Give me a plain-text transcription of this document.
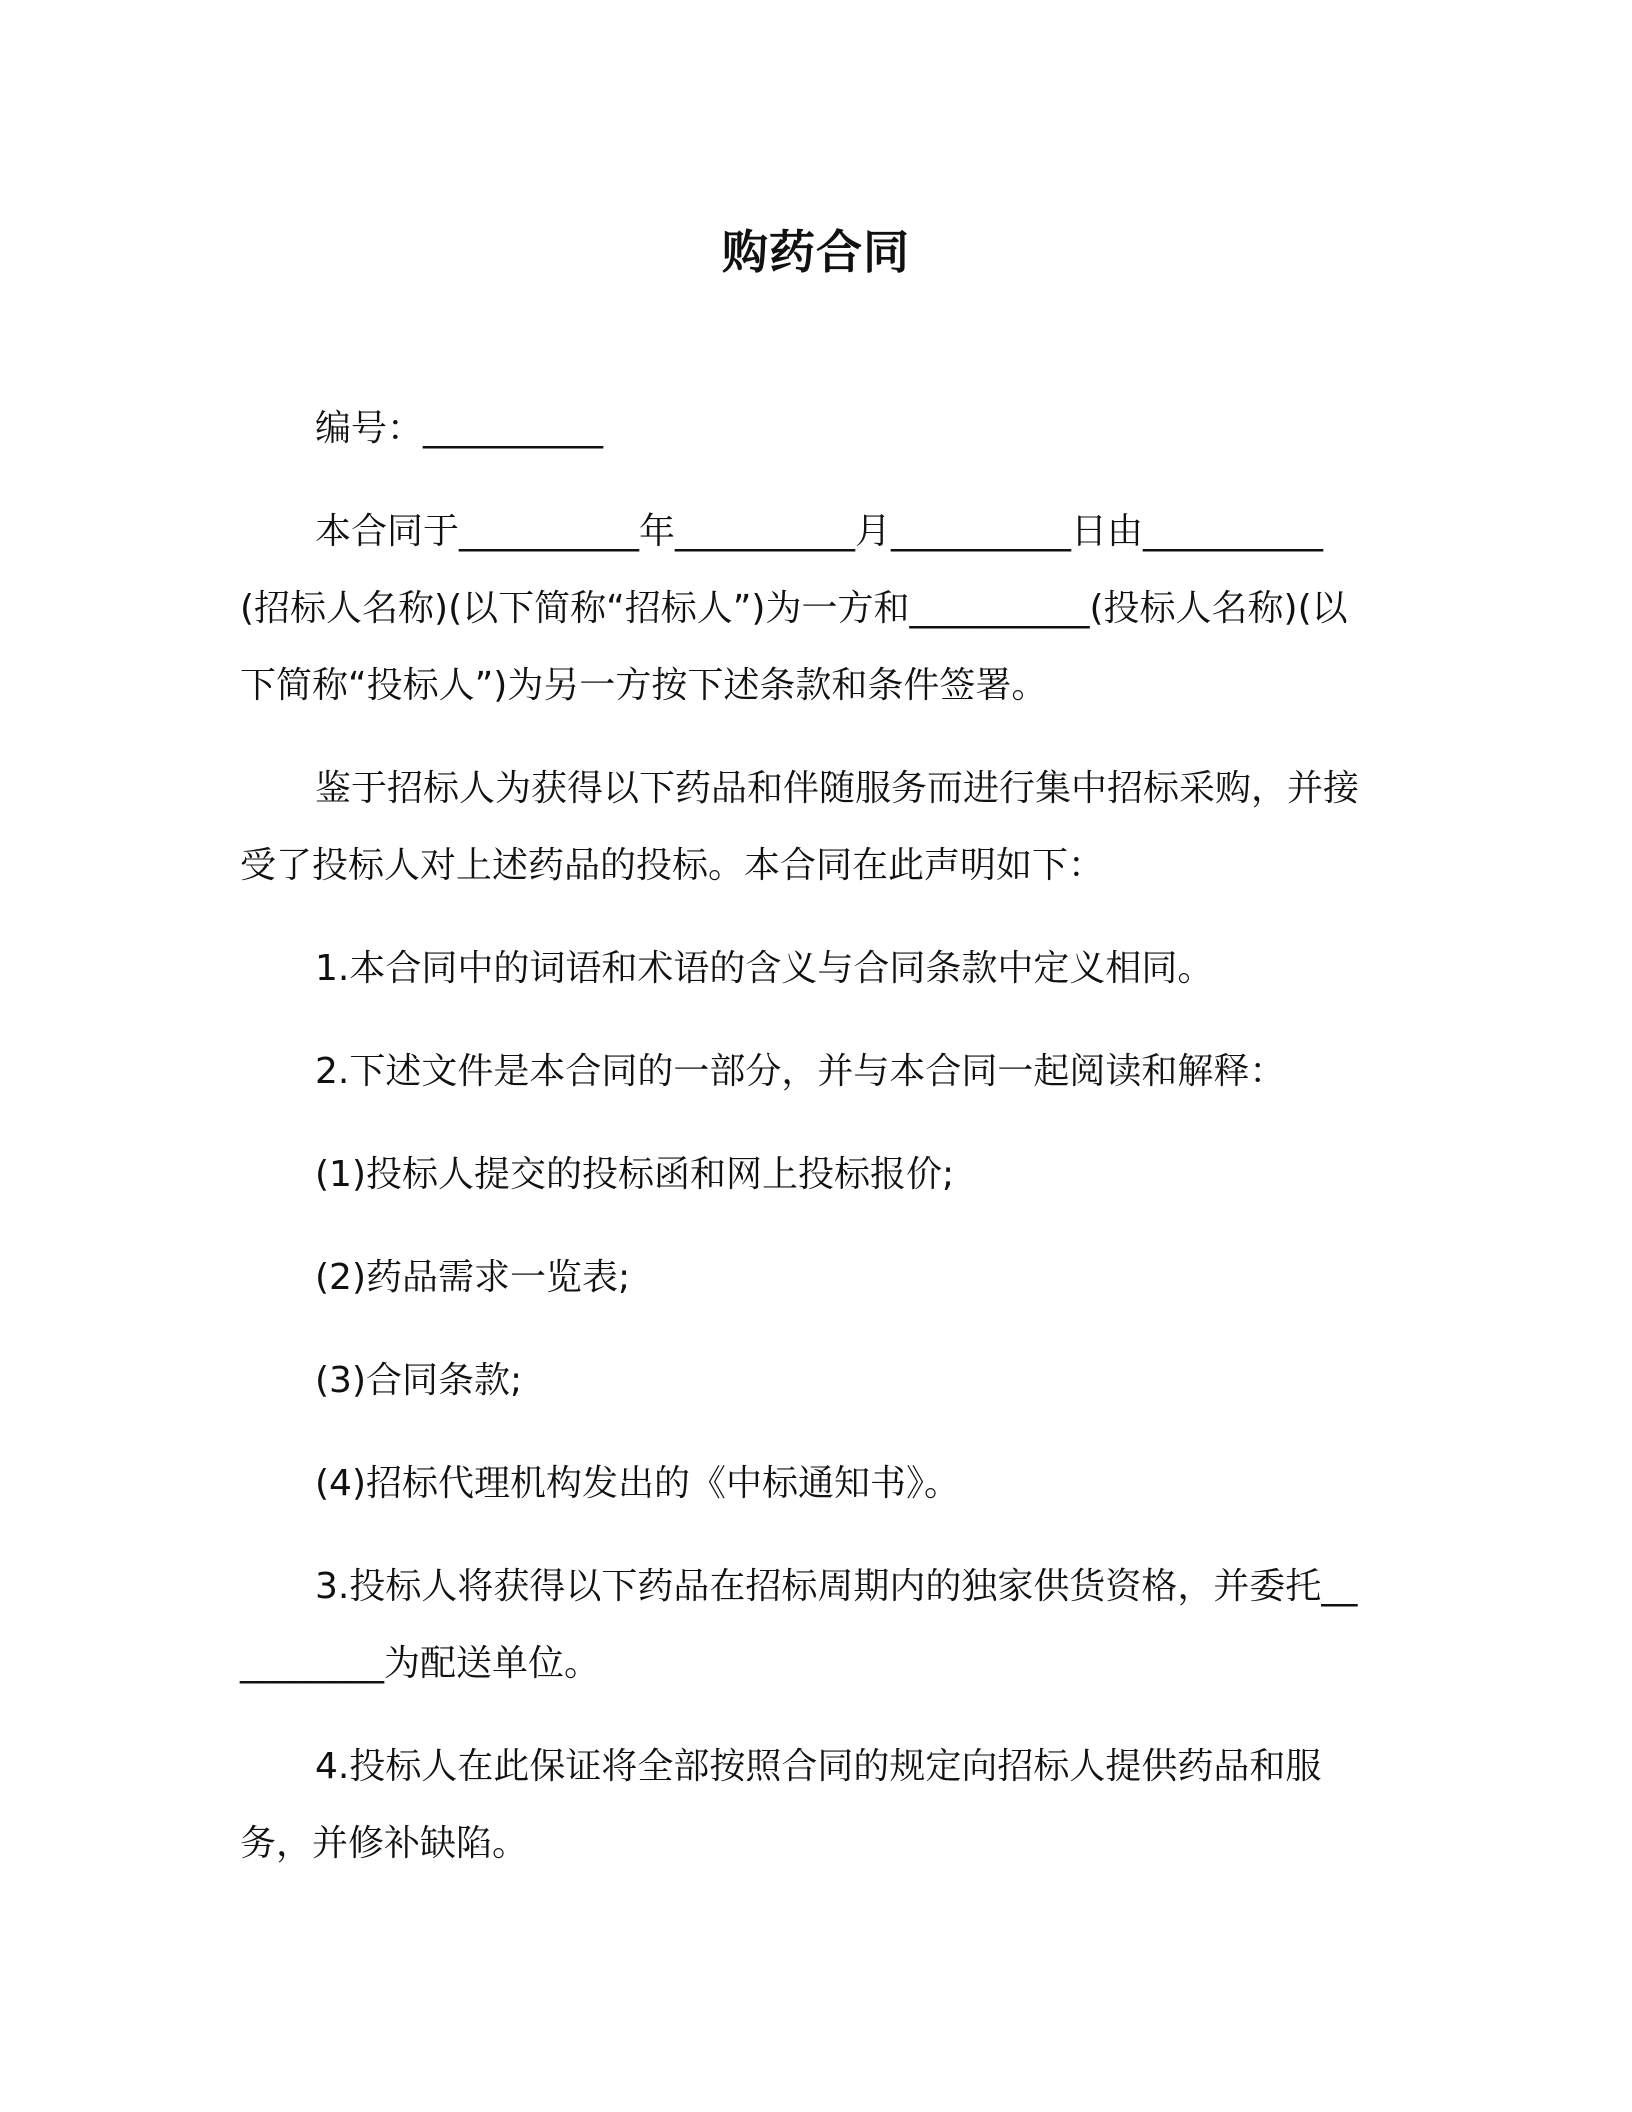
购药合同

编号：__________

本合同于__________年__________月__________日由__________(招标人名称)(以下简称“招标人”)为一方和__________(投标人名称)(以下简称“投标人”)为另一方按下述条款和条件签署。

鉴于招标人为获得以下药品和伴随服务而进行集中招标采购，并接受了投标人对上述药品的投标。本合同在此声明如下：

1.本合同中的词语和术语的含义与合同条款中定义相同。

2.下述文件是本合同的一部分，并与本合同一起阅读和解释：

(1)投标人提交的投标函和网上投标报价;

(2)药品需求一览表;

(3)合同条款;

(4)招标代理机构发出的《中标通知书》。

3.投标人将获得以下药品在招标周期内的独家供货资格，并委托__________为配送单位。

4.投标人在此保证将全部按照合同的规定向招标人提供药品和服务，并修补缺陷。
